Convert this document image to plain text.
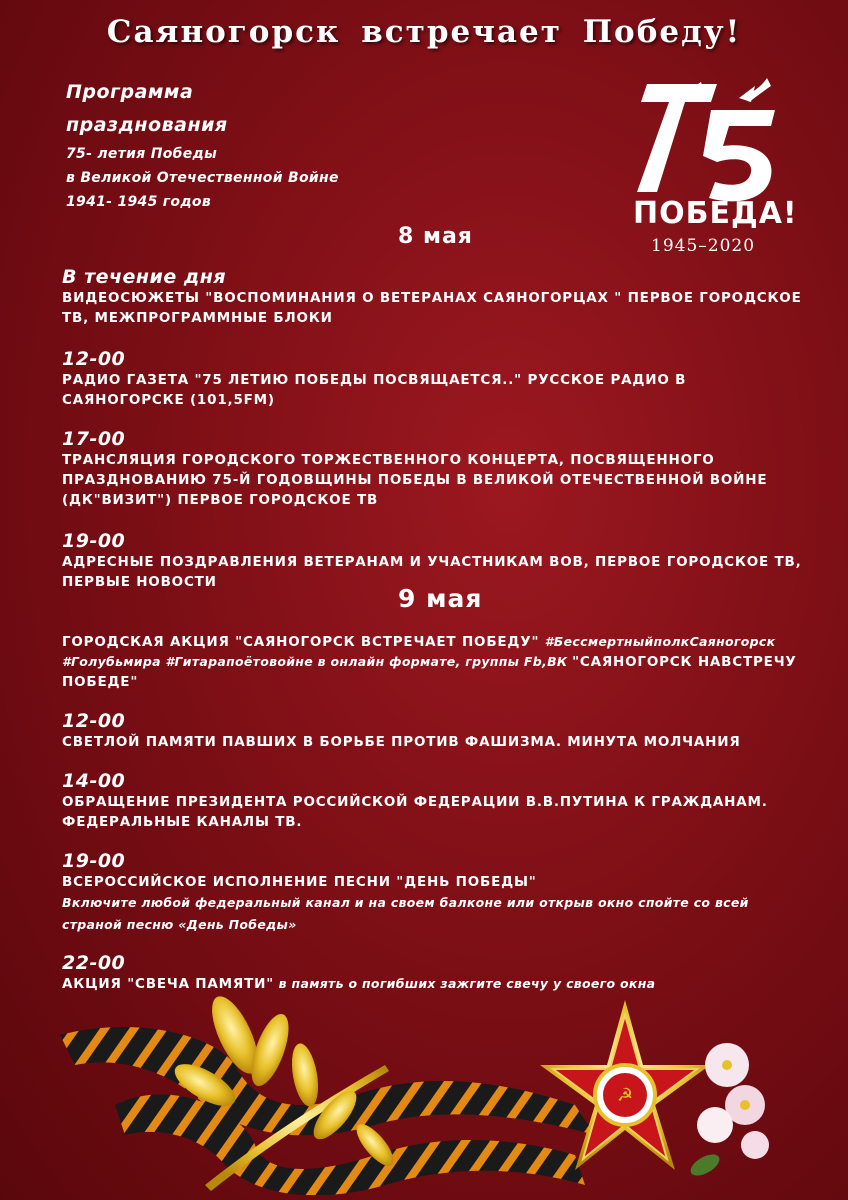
Саяногорск встречает Победу!
Программа
празднования
75- летия Победы
в Великой Отечественной Войне
1941- 1945 годов	ПОБЕДА!
1945–2020
8 мая
В течение дня
ВИДЕОСЮЖЕТЫ "ВОСПОМИНАНИЯ О ВЕТЕРАНАХ САЯНОГОРЦАХ " ПЕРВОЕ ГОРОДСКОЕ ТВ, МЕЖПРОГРАММНЫЕ БЛОКИ
12-00
РАДИО ГАЗЕТА "75 ЛЕТИЮ ПОБЕДЫ ПОСВЯЩАЕТСЯ.." РУССКОЕ РАДИО В САЯНОГОРСКЕ (101,5FM)
17-00
ТРАНСЛЯЦИЯ ГОРОДСКОГО ТОРЖЕСТВЕННОГО КОНЦЕРТА, ПОСВЯЩЕННОГО ПРАЗДНОВАНИЮ 75-Й ГОДОВЩИНЫ ПОБЕДЫ В ВЕЛИКОЙ ОТЕЧЕСТВЕННОЙ ВОЙНЕ (ДК"ВИЗИТ") ПЕРВОЕ ГОРОДСКОЕ ТВ
19-00
АДРЕСНЫЕ ПОЗДРАВЛЕНИЯ ВЕТЕРАНАМ И УЧАСТНИКАМ ВОВ, ПЕРВОЕ ГОРОДСКОЕ ТВ, ПЕРВЫЕ НОВОСТИ
9 мая
ГОРОДСКАЯ АКЦИЯ "САЯНОГОРСК ВСТРЕЧАЕТ ПОБЕДУ" #БессмертныйполкСаяногорск #Голубьмира #Гитарапоётовойне в онлайн формате, группы Fb,ВК "САЯНОГОРСК НАВСТРЕЧУ ПОБЕДЕ"
12-00
СВЕТЛОЙ ПАМЯТИ ПАВШИХ В БОРЬБЕ ПРОТИВ ФАШИЗМА. МИНУТА МОЛЧАНИЯ
14-00
ОБРАЩЕНИЕ ПРЕЗИДЕНТА РОССИЙСКОЙ ФЕДЕРАЦИИ В.В.ПУТИНА К ГРАЖДАНАМ. ФЕДЕРАЛЬНЫЕ КАНАЛЫ ТВ.
19-00
ВСЕРОССИЙСКОЕ ИСПОЛНЕНИЕ ПЕСНИ "ДЕНЬ ПОБЕДЫ"
Включите любой федеральный канал и на своем балконе или открыв окно спойте со всей страной песню «День Победы»
22-00
АКЦИЯ "СВЕЧА ПАМЯТИ" в память о погибших зажгите свечу у своего окна
☭
